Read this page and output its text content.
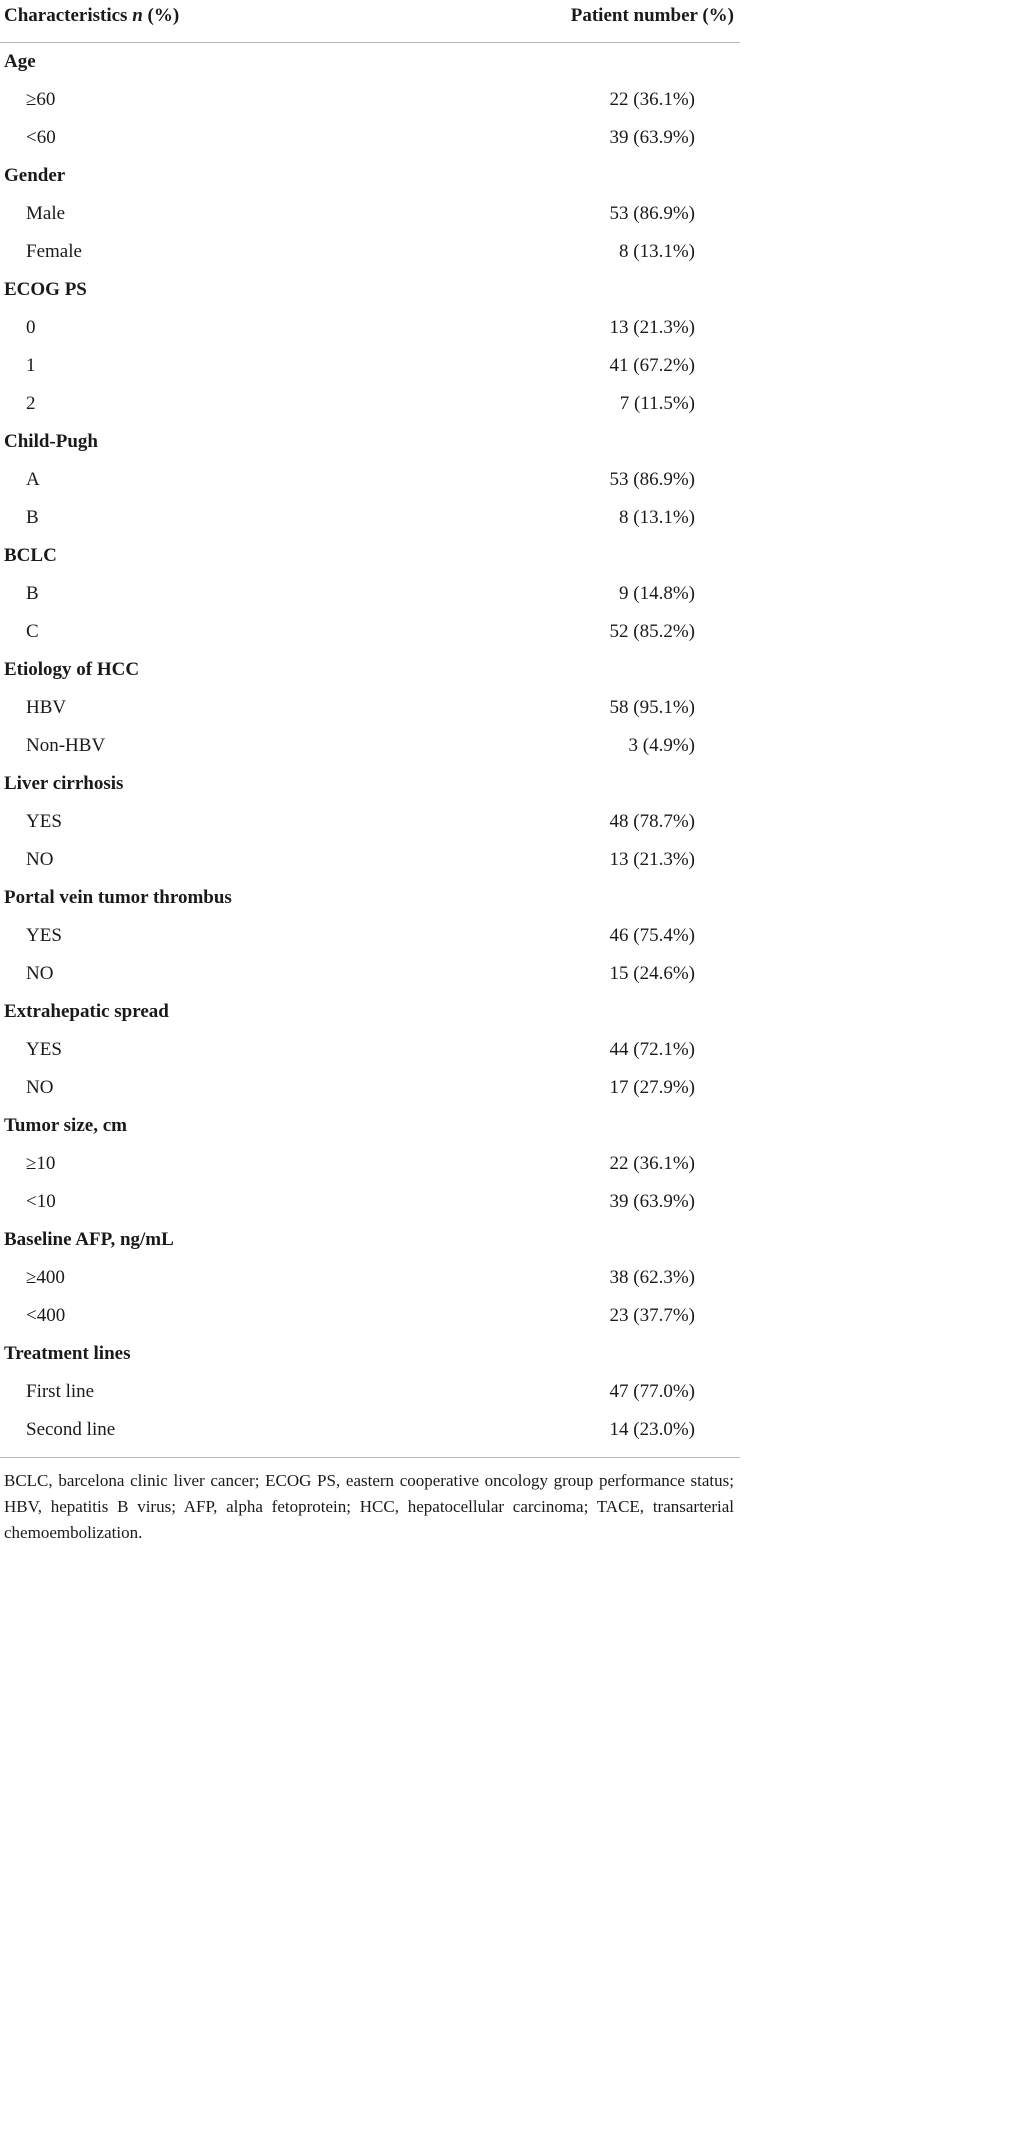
Characteristics n (%)	Patient number (%)
Age
≥60	22 (36.1%)
<60	39 (63.9%)
Gender
Male	53 (86.9%)
Female	8 (13.1%)
ECOG PS
0	13 (21.3%)
1	41 (67.2%)
2	7 (11.5%)
Child-Pugh
A	53 (86.9%)
B	8 (13.1%)
BCLC
B	9 (14.8%)
C	52 (85.2%)
Etiology of HCC
HBV	58 (95.1%)
Non-HBV	3 (4.9%)
Liver cirrhosis
YES	48 (78.7%)
NO	13 (21.3%)
Portal vein tumor thrombus
YES	46 (75.4%)
NO	15 (24.6%)
Extrahepatic spread
YES	44 (72.1%)
NO	17 (27.9%)
Tumor size, cm
≥10	22 (36.1%)
<10	39 (63.9%)
Baseline AFP, ng/mL
≥400	38 (62.3%)
<400	23 (37.7%)
Treatment lines
First line	47 (77.0%)
Second line	14 (23.0%)
BCLC, barcelona clinic liver cancer; ECOG PS, eastern cooperative oncology group performance status; HBV, hepatitis B virus; AFP, alpha fetoprotein; HCC, hepatocellular carcinoma; TACE, transarterial chemoembolization.
